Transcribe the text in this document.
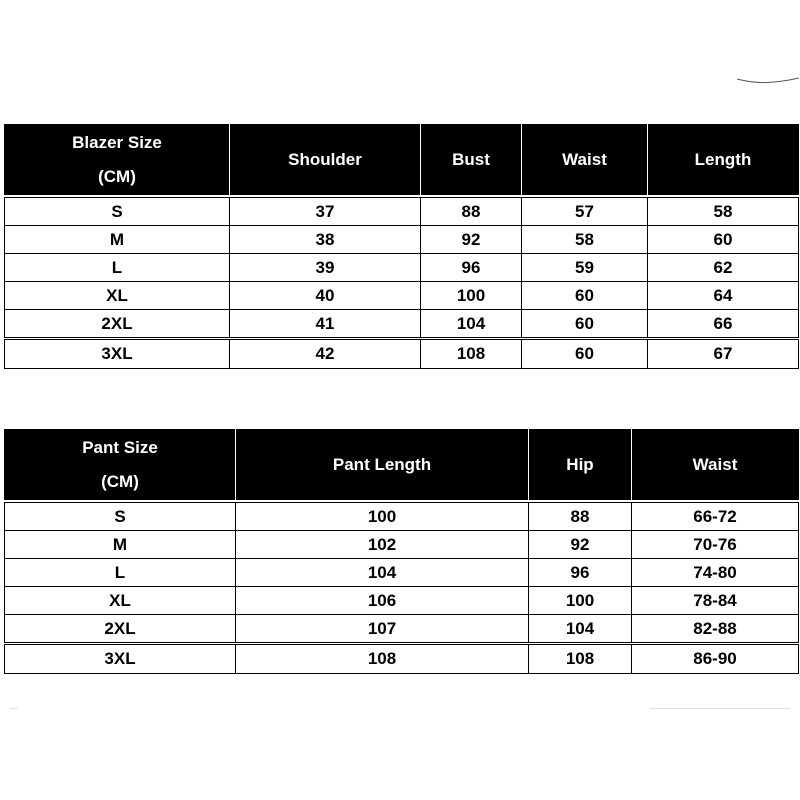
Blazer Size
(CM)	Shoulder	Bust	Waist	Length

S	37	88	57	58
M	38	92	58	60
L	39	96	59	62
XL	40	100	60	64
2XL	41	104	60	66
3XL	42	108	60	67
Pant Size
(CM)	Pant Length	Hip	Waist

S	100	88	66-72
M	102	92	70-76
L	104	96	74-80
XL	106	100	78-84
2XL	107	104	82-88
3XL	108	108	86-90
